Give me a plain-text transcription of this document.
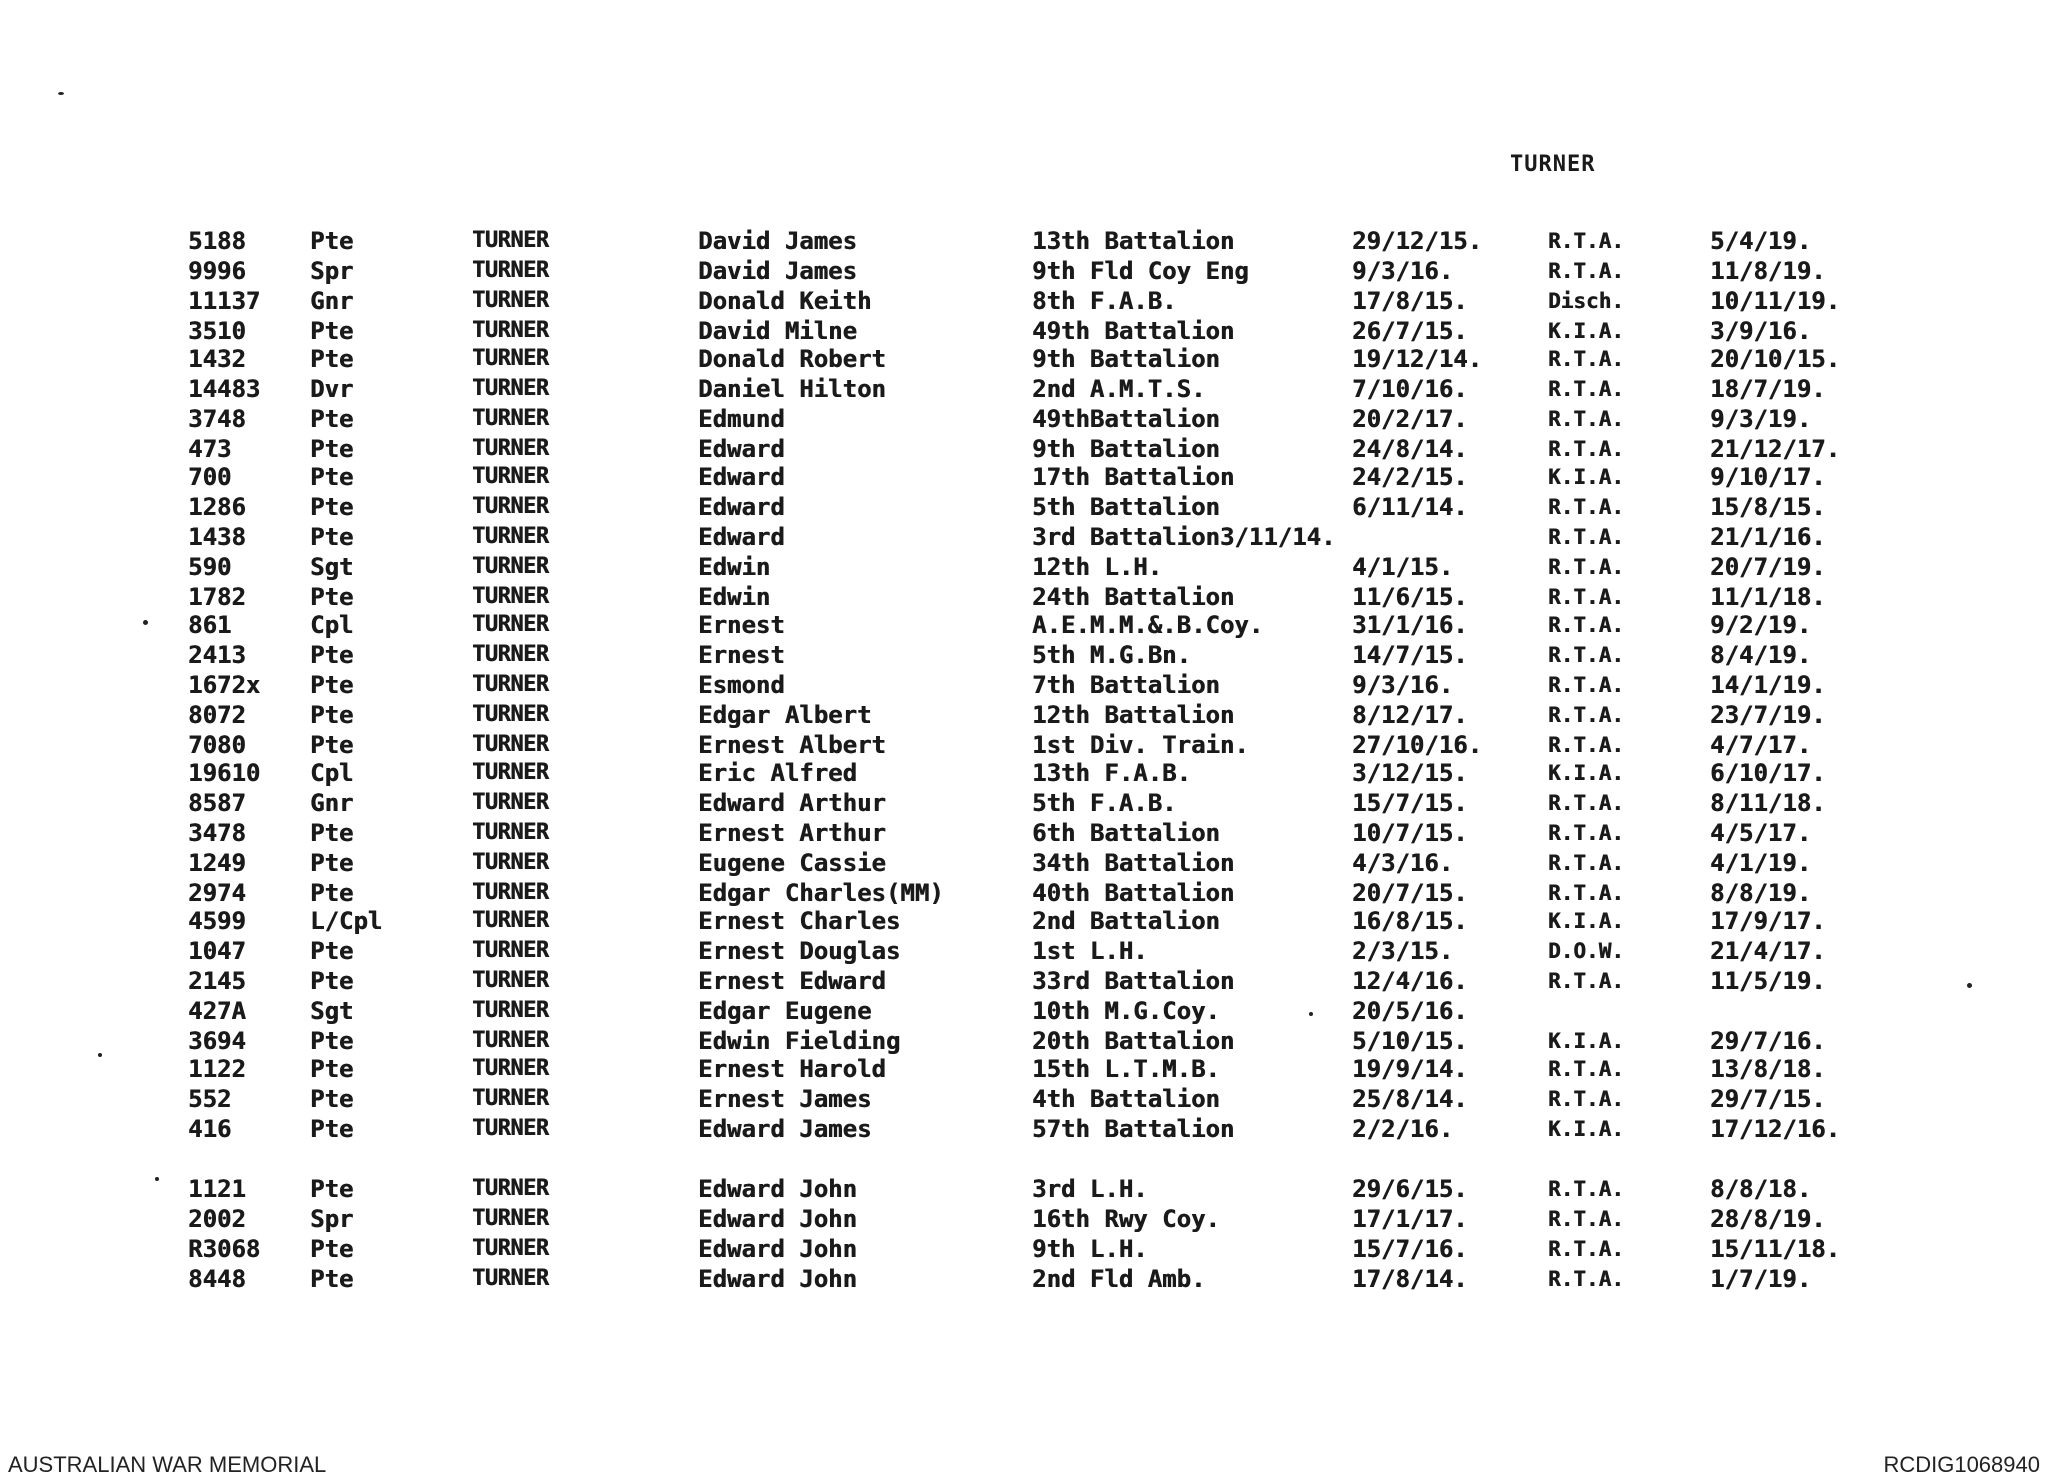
TURNER
5188	Pte	TURNER	David James	13th Battalion	29/12/15.	R.T.A.	5/4/19.
9996	Spr	TURNER	David James	9th Fld Coy Eng	9/3/16.	R.T.A.	11/8/19.
11137	Gnr	TURNER	Donald Keith	8th F.A.B.	17/8/15.	Disch.	10/11/19.
3510	Pte	TURNER	David Milne	49th Battalion	26/7/15.	K.I.A.	3/9/16.
1432	Pte	TURNER	Donald Robert	9th Battalion	19/12/14.	R.T.A.	20/10/15.
14483	Dvr	TURNER	Daniel Hilton	2nd A.M.T.S.	7/10/16.	R.T.A.	18/7/19.
3748	Pte	TURNER	Edmund	49thBattalion	20/2/17.	R.T.A.	9/3/19.
473	Pte	TURNER	Edward	9th Battalion	24/8/14.	R.T.A.	21/12/17.
700	Pte	TURNER	Edward	17th Battalion	24/2/15.	K.I.A.	9/10/17.
1286	Pte	TURNER	Edward	5th Battalion	6/11/14.	R.T.A.	15/8/15.
1438	Pte	TURNER	Edward	3rd Battalion3/11/14.	R.T.A.	21/1/16.
590	Sgt	TURNER	Edwin	12th L.H.	4/1/15.	R.T.A.	20/7/19.
1782	Pte	TURNER	Edwin	24th Battalion	11/6/15.	R.T.A.	11/1/18.
861	Cpl	TURNER	Ernest	A.E.M.M.&.B.Coy.	31/1/16.	R.T.A.	9/2/19.
2413	Pte	TURNER	Ernest	5th M.G.Bn.	14/7/15.	R.T.A.	8/4/19.
1672x	Pte	TURNER	Esmond	7th Battalion	9/3/16.	R.T.A.	14/1/19.
8072	Pte	TURNER	Edgar Albert	12th Battalion	8/12/17.	R.T.A.	23/7/19.
7080	Pte	TURNER	Ernest Albert	1st Div. Train.	27/10/16.	R.T.A.	4/7/17.
19610	Cpl	TURNER	Eric Alfred	13th F.A.B.	3/12/15.	K.I.A.	6/10/17.
8587	Gnr	TURNER	Edward Arthur	5th F.A.B.	15/7/15.	R.T.A.	8/11/18.
3478	Pte	TURNER	Ernest Arthur	6th Battalion	10/7/15.	R.T.A.	4/5/17.
1249	Pte	TURNER	Eugene Cassie	34th Battalion	4/3/16.	R.T.A.	4/1/19.
2974	Pte	TURNER	Edgar Charles(MM)	40th Battalion	20/7/15.	R.T.A.	8/8/19.
4599	L/Cpl	TURNER	Ernest Charles	2nd Battalion	16/8/15.	K.I.A.	17/9/17.
1047	Pte	TURNER	Ernest Douglas	1st L.H.	2/3/15.	D.O.W.	21/4/17.
2145	Pte	TURNER	Ernest Edward	33rd Battalion	12/4/16.	R.T.A.	11/5/19.
427A	Sgt	TURNER	Edgar Eugene	10th M.G.Coy.	20/5/16.
3694	Pte	TURNER	Edwin Fielding	20th Battalion	5/10/15.	K.I.A.	29/7/16.
1122	Pte	TURNER	Ernest Harold	15th L.T.M.B.	19/9/14.	R.T.A.	13/8/18.
552	Pte	TURNER	Ernest James	4th Battalion	25/8/14.	R.T.A.	29/7/15.
416	Pte	TURNER	Edward James	57th Battalion	2/2/16.	K.I.A.	17/12/16.
1121	Pte	TURNER	Edward John	3rd L.H.	29/6/15.	R.T.A.	8/8/18.
2002	Spr	TURNER	Edward John	16th Rwy Coy.	17/1/17.	R.T.A.	28/8/19.
R3068	Pte	TURNER	Edward John	9th L.H.	15/7/16.	R.T.A.	15/11/18.
8448	Pte	TURNER	Edward John	2nd Fld Amb.	17/8/14.	R.T.A.	1/7/19.
AUSTRALIAN WAR MEMORIAL	RCDIG1068940
